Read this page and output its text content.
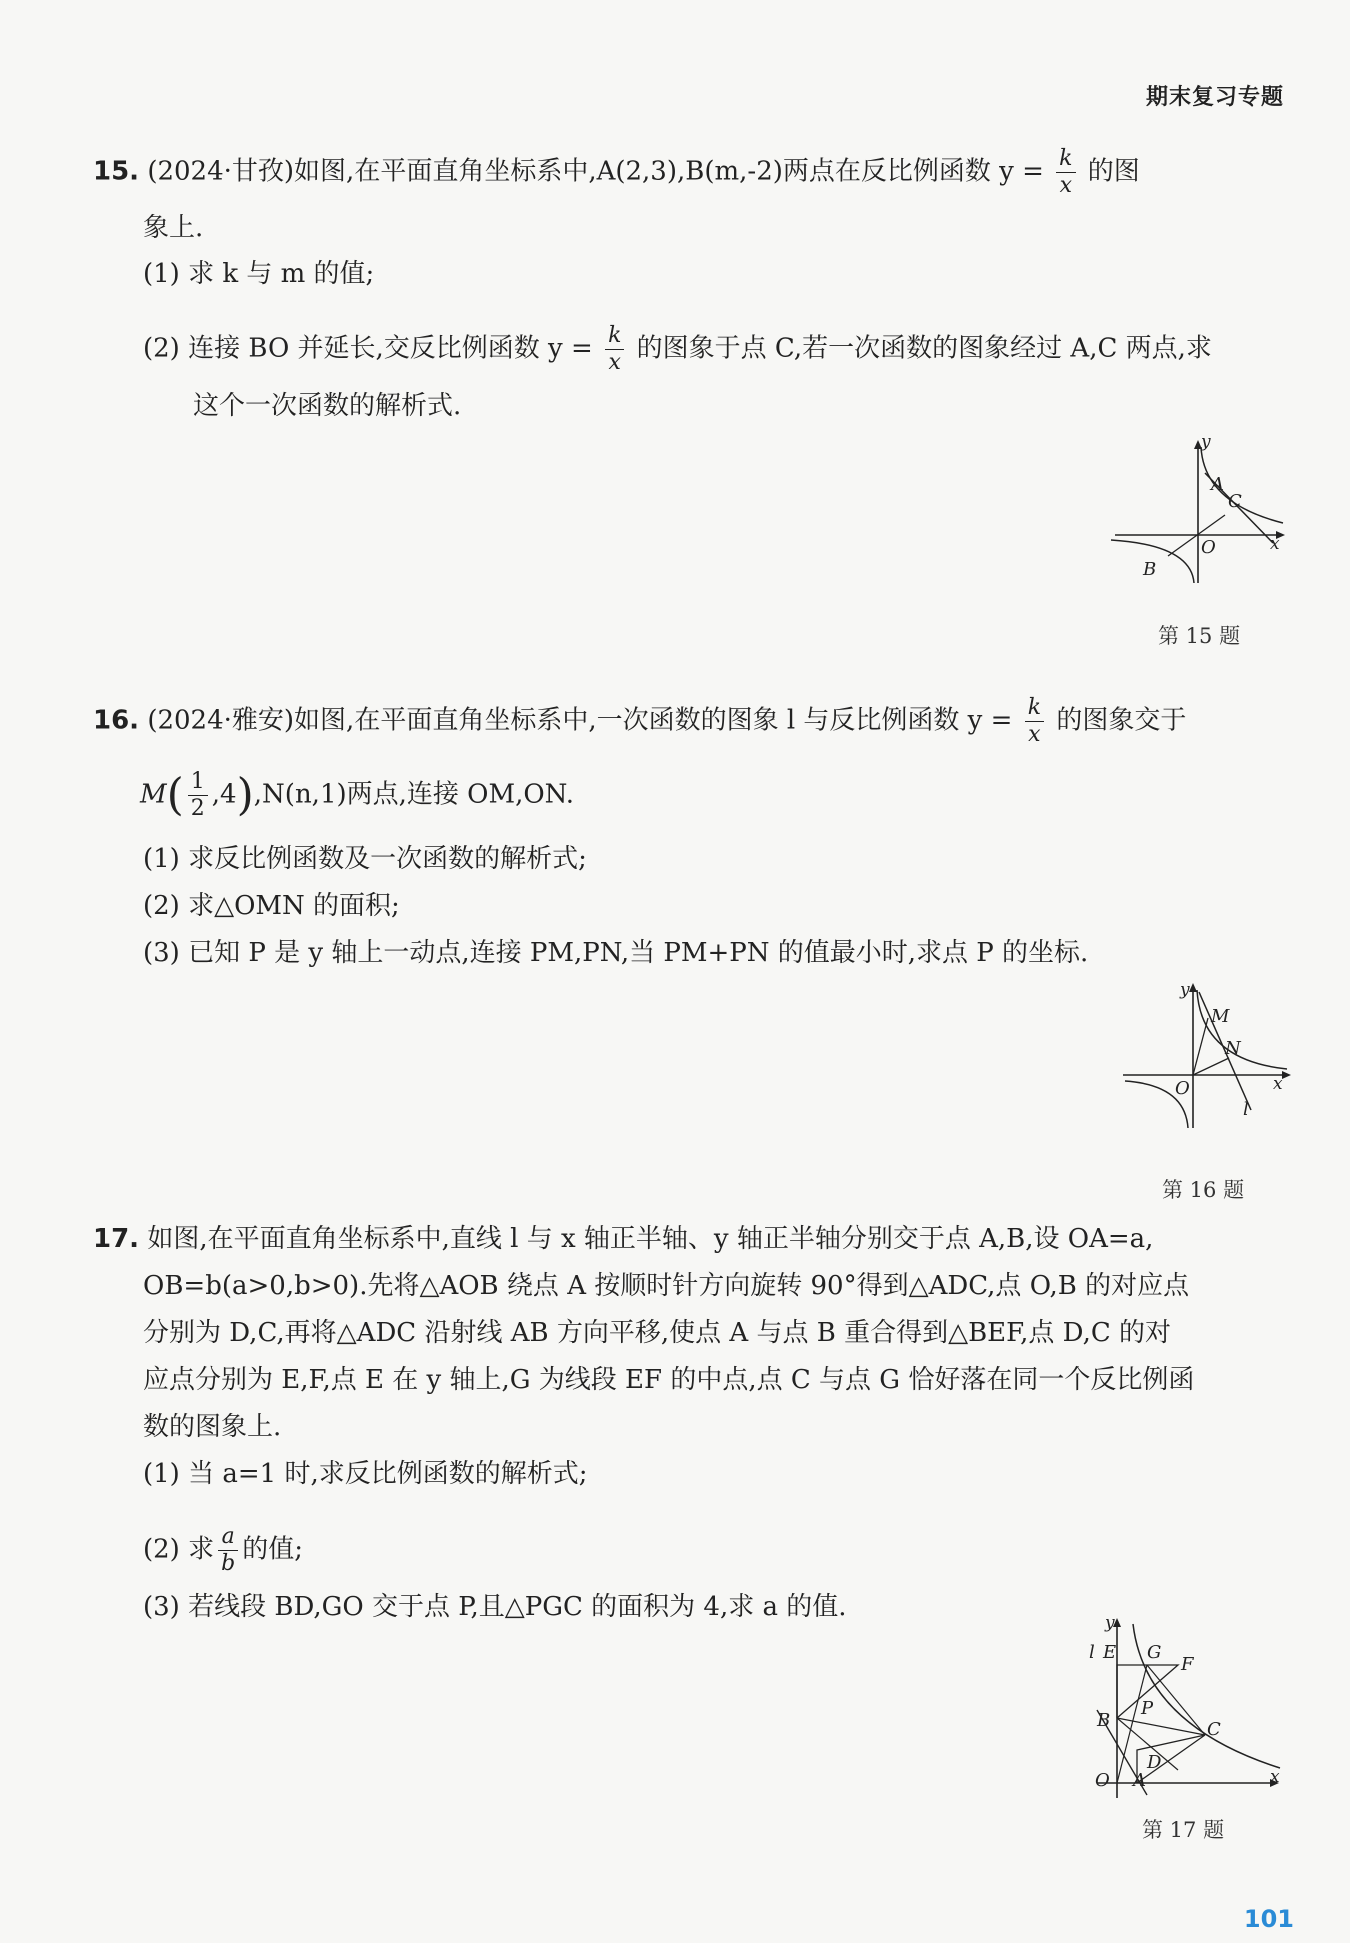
期末复习专题
15. (2024·甘孜)如图,在平面直角坐标系中,A(2,3),B(m,-2)两点在反比例函数 $y = \frac{k}{x}$ 的图
象上.
(1) 求 k 与 m 的值;
(2) 连接 BO 并延长,交反比例函数 $y = \frac{k}{x}$ 的图象于点 C,若一次函数的图象经过 A,C 两点,求
这个一次函数的解析式.
y
A
C
O	x
B
第 15 题
16. (2024·雅安)如图,在平面直角坐标系中,一次函数的图象 l 与反比例函数 $y = \frac{k}{x}$ 的图象交于
$M( \frac{1}{2} ,4),N(n,1)$两点,连接 OM,ON.
(1) 求反比例函数及一次函数的解析式;
(2) 求△OMN 的面积;
(3) 已知 P 是 y 轴上一动点,连接 PM,PN,当 PM+PN 的值最小时,求点 P 的坐标.
y
M
N
O	x
l
第 16 题
17. 如图,在平面直角坐标系中,直线 l 与 x 轴正半轴、y 轴正半轴分别交于点 A,B,设 OA=a,
OB=b(a>0,b>0).先将△AOB 绕点 A 按顺时针方向旋转 90°得到△ADC,点 O,B 的对应点
分别为 D,C,再将△ADC 沿射线 AB 方向平移,使点 A 与点 B 重合得到△BEF,点 D,C 的对
应点分别为 E,F,点 E 在 y 轴上,G 为线段 EF 的中点,点 C 与点 G 恰好落在同一个反比例函
数的图象上.
(1) 当 a=1 时,求反比例函数的解析式;
(2) 求 $\frac{a}{b}$ 的值;
(3) 若线段 BD,GO 交于点 P,且△PGC 的面积为 4,求 a 的值.
y
l E G
F
B
P
C
D
O A	x
第 17 题
101
